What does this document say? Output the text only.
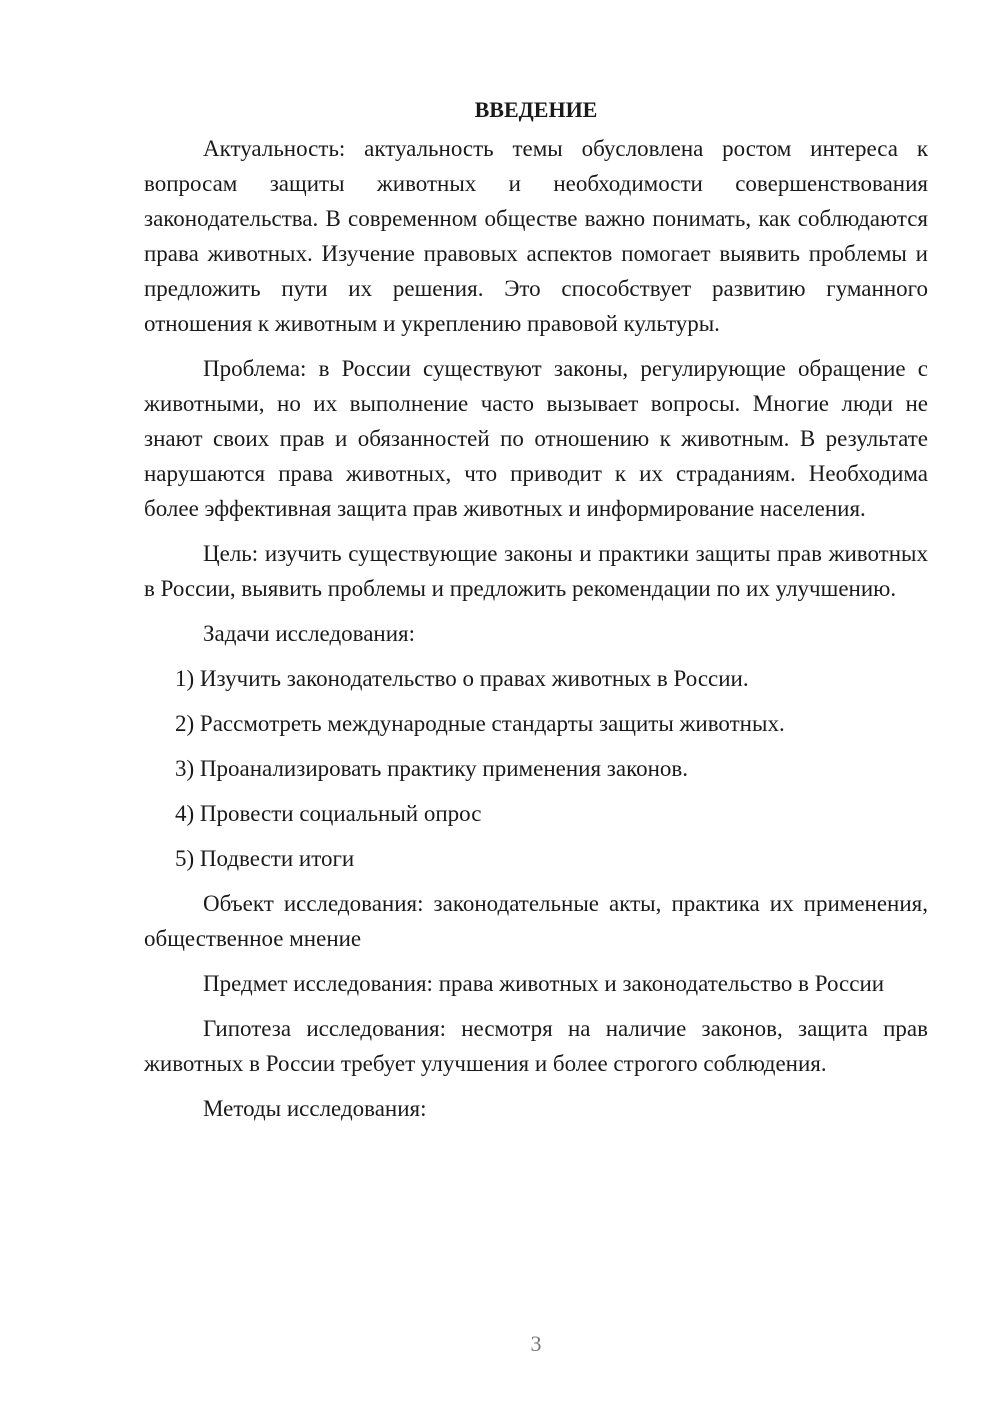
ВВЕДЕНИЕ

Актуальность: актуальность темы обусловлена ростом интереса к вопросам защиты животных и необходимости совершенствования законодательства. В современном обществе важно понимать, как соблюдаются права животных. Изучение правовых аспектов помогает выявить проблемы и предложить пути их решения. Это способствует развитию гуманного отношения к животным и укреплению правовой культуры.

Проблема: в России существуют законы, регулирующие обращение с животными, но их выполнение часто вызывает вопросы. Многие люди не знают своих прав и обязанностей по отношению к животным. В результате нарушаются права животных, что приводит к их страданиям. Необходима более эффективная защита прав животных и информирование населения.

Цель: изучить существующие законы и практики защиты прав животных в России, выявить проблемы и предложить рекомендации по их улучшению.

Задачи исследования:

1) Изучить законодательство о правах животных в России.

2) Рассмотреть международные стандарты защиты животных.

3) Проанализировать практику применения законов.

4) Провести социальный опрос

5) Подвести итоги

Объект исследования: законодательные акты, практика их применения, общественное мнение

Предмет исследования: права животных и законодательство в России

Гипотеза исследования: несмотря на наличие законов, защита прав животных в России требует улучшения и более строгого соблюдения.

Методы исследования:

3
